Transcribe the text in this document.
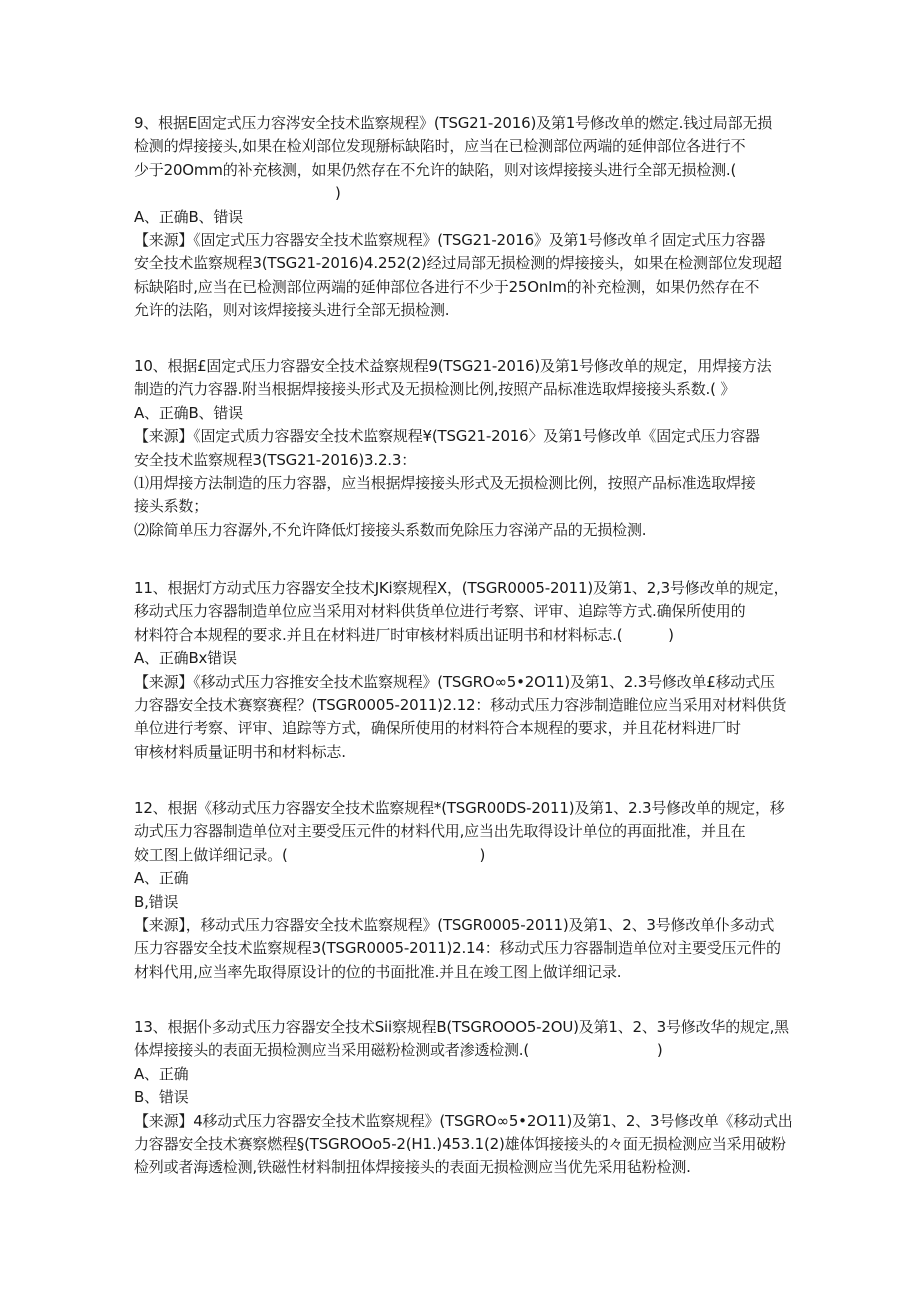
9、根据E固定式压力容涔安全技术监察规程》(TSG21-2016)及第1号修改单的燃定.钱过局部无损
检测的焊接接头,如果在检刈部位发现掰标缺陷时，应当在已检测部位两端的延伸部位各进行不
少于20Omm的补充核测，如果仍然存在不允许的缺陷，则对该焊接接头进行全部无损检测.(
)
A、正确B、错误
【来源】《固定式压力容器安全技术监察规程》(TSG21-2016》及第1号修改单彳固定式压力容器
安全技术监察规程3(TSG21-2016)4.252(2)经过局部无损检测的焊接接头，如果在检测部位发现超
标缺陷时,应当在已检测部位两端的延伸部位各进行不少于25OnIm的补充检测，如果仍然存在不
允许的法陷，则对该焊接接头进行全部无损检测.
10、根据£固定式压力容器安全技术益察规程9(TSG21-2016)及第1号修改单的规定，用焊接方法
制造的汽力容器.附当根据焊接接头形式及无损检测比例,按照产品标准选取焊接接头系数.( 》
A、正确B、错误
【来源】《固定式质力容器安全技术监察规程¥(TSG21-2016〉及第1号修改单《固定式压力容器
安全技术监察规程3(TSG21-2016)3.2.3：
⑴用焊接方法制造的压力容器，应当根据焊接接头形式及无损检测比例，按照产品标准选取焊接
接头系数；
⑵除简单压力容潺外,不允许降低灯接接头系数而免除压力容涕产品的无损检测.
11、根据灯方动式压力容器安全技术JKi察规程X，(TSGR0005-2011)及第1、2,3号修改单的规定，
移动式压力容器制造单位应当采用对材料供货单位进行考察、评审、追踪等方式.确保所使用的
材料符合本规程的要求.并且在材料进厂时审核材料质出证明书和材料标志.(          )
A、正确Bx错误
【来源】《移动式压力容推安全技术监察规程》(TSGRO∞5•2O11)及第1、2.3号修改单£移动式压
力容器安全技术赛察赛程？(TSGR0005-2011)2.12：移动式压力容涉制造睢位应当采用对材料供货
单位进行考察、评审、追踪等方式，确保所使用的材料符合本规程的要求，并且花材料进厂时
审核材料质量证明书和材料标志.
12、根据《移动式压力容器安全技术监察规程*(TSGR00DS-2011)及第1、2.3号修改单的规定，移
动式压力容器制造单位对主要受压元件的材料代用,应当出先取得设计单位的再面批准，并且在
姣工图上做详细记录。(                                          )
A、正确
B,错误
【来源】，移动式压力容器安全技术监察规程》(TSGR0005-2011)及第1、2、3号修改单仆多动式
压力容器安全技术监察规程3(TSGR0005-2011)2.14：移动式压力容器制造单位对主要受压元件的
材料代用,应当率先取得原设计的位的书面批准.并且在竣工图上做详细记录.
13、根据仆多动式压力容器安全技术Sii察规程B(TSGROOO5-2OU)及第1、2、3号修改华的规定,黑
体焊接接头的表面无损检测应当采用磁粉检测或者渗透检测.(                            )
A、正确
B、错误
【来源】4移动式压力容器安全技术监察规程》(TSGRO∞5•2O11)及第1、2、3号修改单《移动式出
力容器安全技术赛察燃程§(TSGROOo5-2(H1.)453.1(2)雄体饵接接头的々面无损检测应当采用破粉
检列或者海透检测,铁磁性材料制扭体焊接接头的表面无损检测应当优先采用毡粉检测.
